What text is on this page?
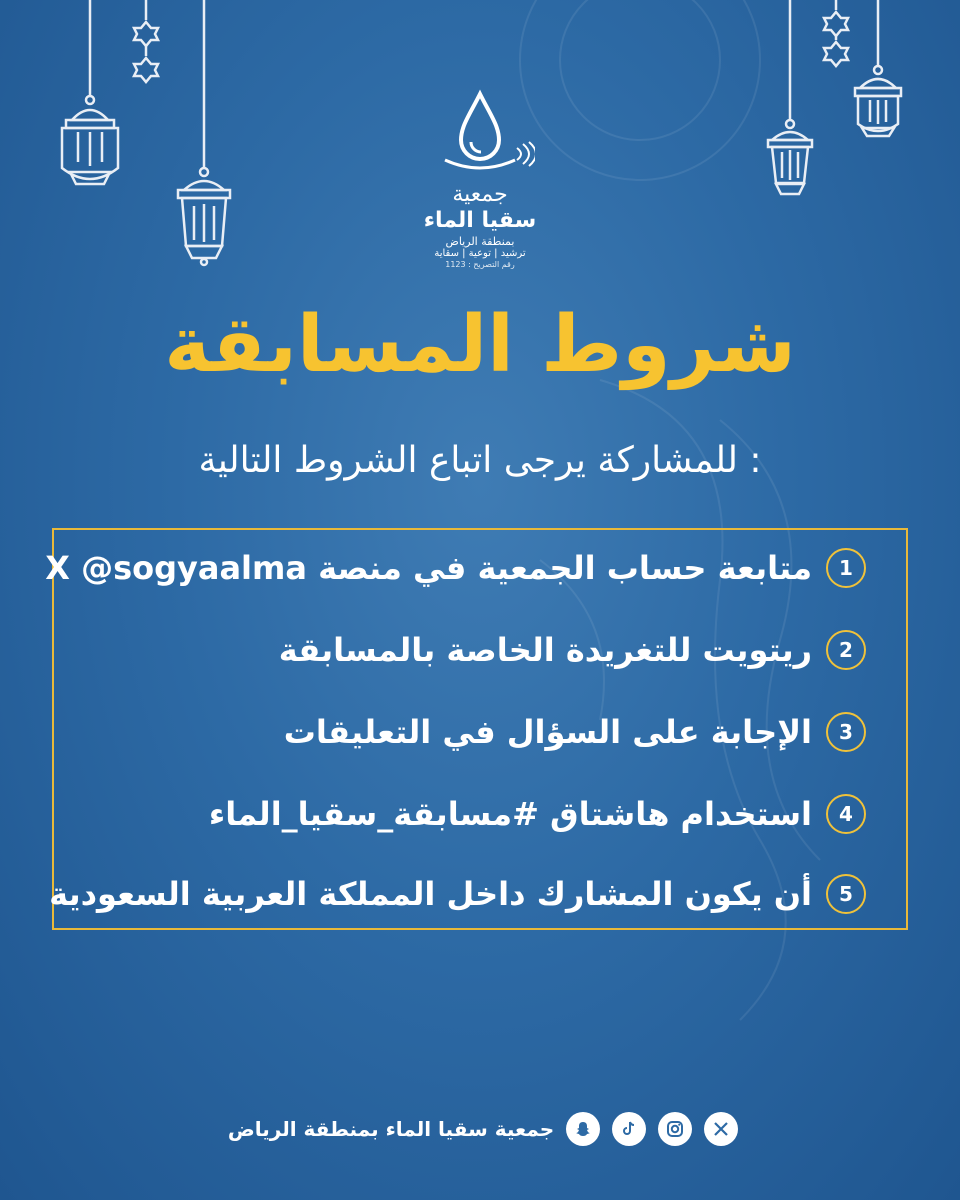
جمعية
سقيا الماء
بمنطقة الرياض
ترشيد | توعية | سقاية
رقم التصريح : 1123
شروط المسابقة
للمشاركة يرجى اتباع الشروط التالية :
1
متابعة حساب الجمعية في منصة X @sogyaalma
2
ريتويت للتغريدة الخاصة بالمسابقة
3
الإجابة على السؤال في التعليقات
4
استخدام هاشتاق #مسابقة_سقيا_الماء
5
أن يكون المشارك داخل المملكة العربية السعودية
جمعية سقيا الماء بمنطقة الرياض
